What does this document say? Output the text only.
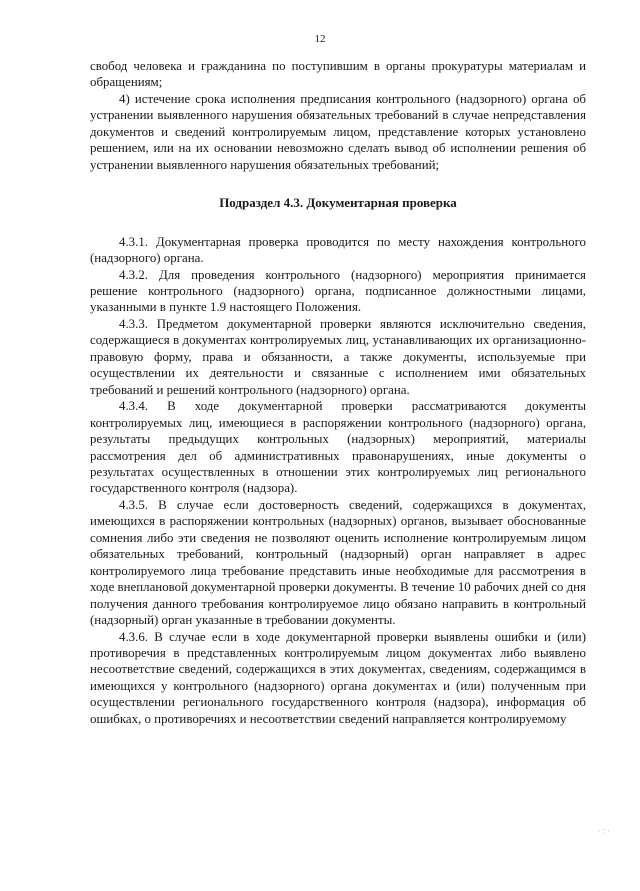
12

свобод человека и гражданина по поступившим в органы прокуратуры материалам и обращениям;

4) истечение срока исполнения предписания контрольного (надзорного) органа об устранении выявленного нарушения обязательных требований в случае непредставления документов и сведений контролируемым лицом, представление которых установлено решением, или на их основании невозможно сделать вывод об исполнении решения об устранении выявленного нарушения обязательных требований;

Подраздел 4.3. Документарная проверка

4.3.1. Документарная проверка проводится по месту нахождения контрольного (надзорного) органа.

4.3.2. Для проведения контрольного (надзорного) мероприятия принимается решение контрольного (надзорного) органа, подписанное должностными лицами, указанными в пункте 1.9 настоящего Положения.

4.3.3. Предметом документарной проверки являются исключительно сведения, содержащиеся в документах контролируемых лиц, устанавливающих их организационно-правовую форму, права и обязанности, а также документы, используемые при осуществлении их деятельности и связанные с исполнением ими обязательных требований и решений контрольного (надзорного) органа.

4.3.4. В ходе документарной проверки рассматриваются документы контролируемых лиц, имеющиеся в распоряжении контрольного (надзорного) органа, результаты предыдущих контрольных (надзорных) мероприятий, материалы рассмотрения дел об административных правонарушениях, иные документы о результатах осуществленных в отношении этих контролируемых лиц регионального государственного контроля (надзора).

4.3.5. В случае если достоверность сведений, содержащихся в документах, имеющихся в распоряжении контрольных (надзорных) органов, вызывает обоснованные сомнения либо эти сведения не позволяют оценить исполнение контролируемым лицом обязательных требований, контрольный (надзорный) орган направляет в адрес контролируемого лица требование представить иные необходимые для рассмотрения в ходе внеплановой документарной проверки документы. В течение 10 рабочих дней со дня получения данного требования контролируемое лицо обязано направить в контрольный (надзорный) орган указанные в требовании документы.

4.3.6. В случае если в ходе документарной проверки выявлены ошибки и (или) противоречия в представленных контролируемым лицом документах либо выявлено несоответствие сведений, содержащихся в этих документах, сведениям, содержащимся в имеющихся у контрольного (надзорного) органа документах и (или) полученным при осуществлении регионального государственного контроля (надзора), информация об ошибках, о противоречиях и несоответствии сведений направляется контролируемому

·:·
